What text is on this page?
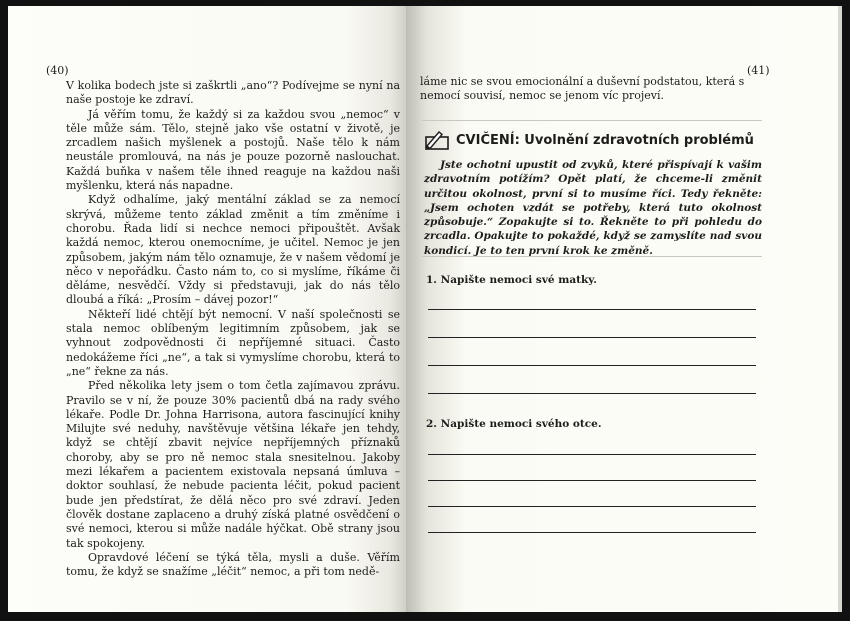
(40)

V kolika bodech jste si zaškrtli „ano“? Podívejme se nyní na naše postoje ke zdraví.

Já věřím tomu, že každý si za každou svou „nemoc“ v těle může sám. Tělo, stejně jako vše ostatní v životě, je zrcadlem našich myšlenek a postojů. Naše tělo k nám neustále promlouvá, na nás je pouze pozorně naslouchat. Každá buňka v našem těle ihned reaguje na každou naši myšlenku, která nás napadne.

Když odhalíme, jaký mentální základ se za nemocí skrývá, můžeme tento základ změnit a tím změníme i chorobu. Řada lidí si nechce nemoci připouštět. Avšak každá nemoc, kterou onemocníme, je učitel. Nemoc je jen způsobem, jakým nám tělo oznamuje, že v našem vědomí je něco v nepořádku. Často nám to, co si myslíme, říkáme či děláme, nesvědčí. Vždy si představuji, jak do nás tělo dloubá a říká: „Prosím – dávej pozor!“

Někteří lidé chtějí být nemocní. V naší společnosti se stala nemoc oblíbeným legitimním způsobem, jak se vyhnout zodpovědnosti či nepříjemné situaci. Často nedokážeme říci „ne“, a tak si vymyslíme chorobu, která to „ne“ řekne za nás.

Před několika lety jsem o tom četla zajímavou zprávu. Pravilo se v ní, že pouze 30% pacientů dbá na rady svého lékaře. Podle Dr. Johna Harrisona, autora fascinující knihy Milujte své neduhy, navštěvuje většina lékaře jen tehdy, když se chtějí zbavit nejvíce nepříjemných příznaků choroby, aby se pro ně nemoc stala snesitelnou. Jakoby mezi lékařem a pacientem existovala nepsaná úmluva – doktor souhlasí, že nebude pacienta léčit, pokud pacient bude jen předstírat, že dělá něco pro své zdraví. Jeden člověk dostane zaplaceno a druhý získá platné osvědčení o své nemoci, kterou si může nadále hýčkat. Obě strany jsou tak spokojeny.

Opravdové léčení se týká těla, mysli a duše. Věřím tomu, že když se snažíme „léčit“ nemoc, a při tom nedě-

(41)
láme nic se svou emocionální a duševní podstatou, která s nemocí souvisí, nemoc se jenom víc projeví.
CVIČENÍ: Uvolnění zdravotních problémů
Jste ochotni upustit od zvyků, které přispívají k vašim zdravotním potížím? Opět platí, že chceme-li změnit určitou okolnost, první si to musíme říci. Tedy řekněte: „Jsem ochoten vzdát se potřeby, která tuto okolnost způsobuje.“ Zopakujte si to. Řekněte to při pohledu do zrcadla. Opakujte to pokaždé, když se zamyslíte nad svou kondicí. Je to ten první krok ke změně.
1. Napište nemoci své matky.
2. Napište nemoci svého otce.
